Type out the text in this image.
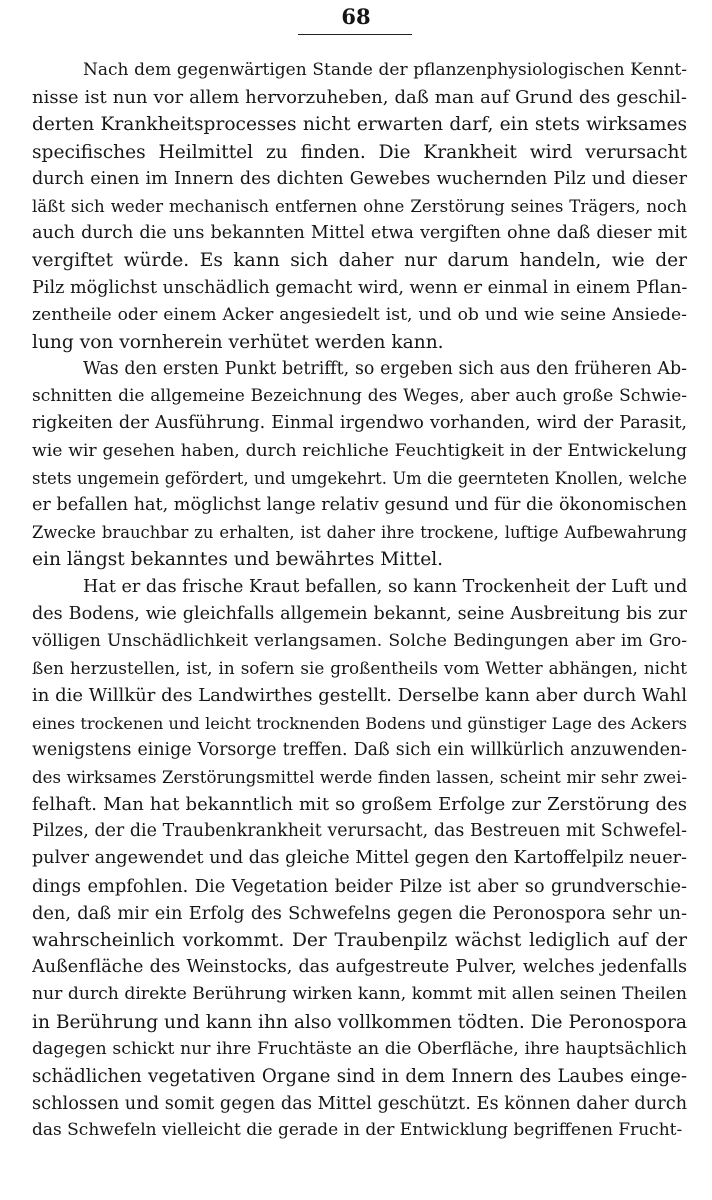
68
Nach dem gegenwärtigen Stande der pflanzenphysiologischen Kennt-
nisse ist nun vor allem hervorzuheben, daß man auf Grund des geschil-
derten Krankheitsprocesses nicht erwarten darf, ein stets wirksames
specifisches Heilmittel zu finden. Die Krankheit wird verursacht
durch einen im Innern des dichten Gewebes wuchernden Pilz und dieser
läßt sich weder mechanisch entfernen ohne Zerstörung seines Trägers, noch
auch durch die uns bekannten Mittel etwa vergiften ohne daß dieser mit
vergiftet würde. Es kann sich daher nur darum handeln, wie der
Pilz möglichst unschädlich gemacht wird, wenn er einmal in einem Pflan-
zentheile oder einem Acker angesiedelt ist, und ob und wie seine Ansiede-
lung von vornherein verhütet werden kann.
Was den ersten Punkt betrifft, so ergeben sich aus den früheren Ab-
schnitten die allgemeine Bezeichnung des Weges, aber auch große Schwie-
rigkeiten der Ausführung. Einmal irgendwo vorhanden, wird der Parasit,
wie wir gesehen haben, durch reichliche Feuchtigkeit in der Entwickelung
stets ungemein gefördert, und umgekehrt. Um die geernteten Knollen, welche
er befallen hat, möglichst lange relativ gesund und für die ökonomischen
Zwecke brauchbar zu erhalten, ist daher ihre trockene, luftige Aufbewahrung
ein längst bekanntes und bewährtes Mittel.
Hat er das frische Kraut befallen, so kann Trockenheit der Luft und
des Bodens, wie gleichfalls allgemein bekannt, seine Ausbreitung bis zur
völligen Unschädlichkeit verlangsamen. Solche Bedingungen aber im Gro-
ßen herzustellen, ist, in sofern sie großentheils vom Wetter abhängen, nicht
in die Willkür des Landwirthes gestellt. Derselbe kann aber durch Wahl
eines trockenen und leicht trocknenden Bodens und günstiger Lage des Ackers
wenigstens einige Vorsorge treffen. Daß sich ein willkürlich anzuwenden-
des wirksames Zerstörungsmittel werde finden lassen, scheint mir sehr zwei-
felhaft. Man hat bekanntlich mit so großem Erfolge zur Zerstörung des
Pilzes, der die Traubenkrankheit verursacht, das Bestreuen mit Schwefel-
pulver angewendet und das gleiche Mittel gegen den Kartoffelpilz neuer-
dings empfohlen. Die Vegetation beider Pilze ist aber so grundverschie-
den, daß mir ein Erfolg des Schwefelns gegen die Peronospora sehr un-
wahrscheinlich vorkommt. Der Traubenpilz wächst lediglich auf der
Außenfläche des Weinstocks, das aufgestreute Pulver, welches jedenfalls
nur durch direkte Berührung wirken kann, kommt mit allen seinen Theilen
in Berührung und kann ihn also vollkommen tödten. Die Peronospora
dagegen schickt nur ihre Fruchtäste an die Oberfläche, ihre hauptsächlich
schädlichen vegetativen Organe sind in dem Innern des Laubes einge-
schlossen und somit gegen das Mittel geschützt. Es können daher durch
das Schwefeln vielleicht die gerade in der Entwicklung begriffenen Frucht-
